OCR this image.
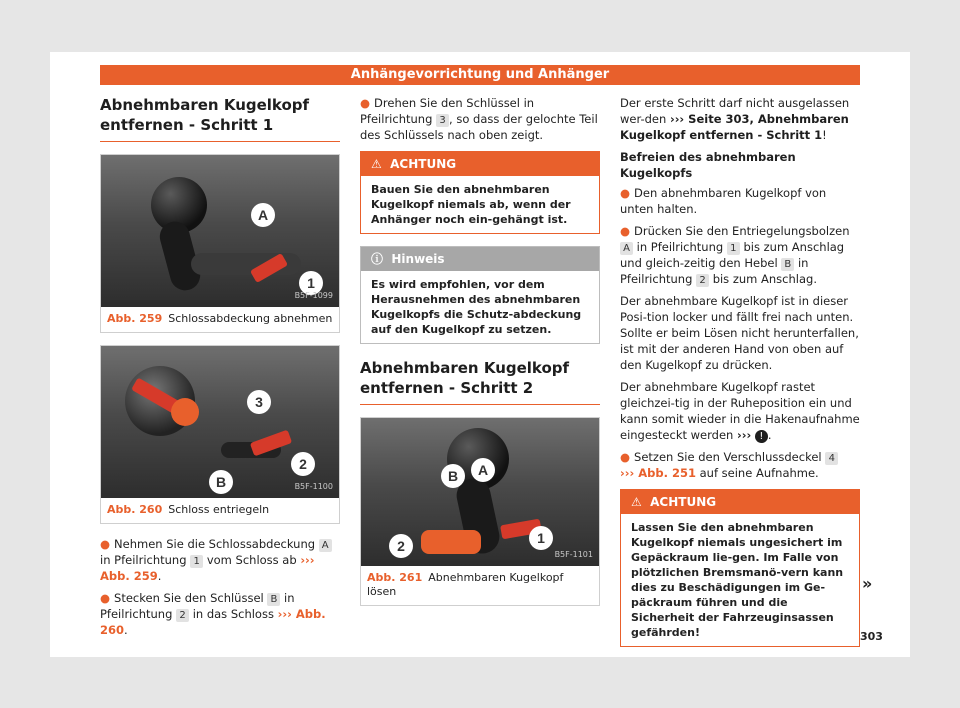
Anhängevorrichtung und Anhänger
Abnehmbaren Kugelkopf entfernen - Schritt 1
A
1
B5F-1099
Abb. 259 Schlossabdeckung abnehmen
3
2
B	B5F-1100
Abb. 260 Schloss entriegeln

● Nehmen Sie die Schlossabdeckung A in Pfeilrichtung 1 vom Schloss ab ››› Abb. 259.

● Stecken Sie den Schlüssel B in Pfeilrichtung 2 in das Schloss ››› Abb. 260.

● Drehen Sie den Schlüssel in Pfeilrichtung 3 , so dass der gelochte Teil des Schlüssels nach oben zeigt.

⚠ ACHTUNG
Bauen Sie den abnehmbaren Kugelkopf niemals ab, wenn der Anhänger noch ein-gehängt ist.
ⓘ Hinweis
Es wird empfohlen, vor dem Herausnehmen des abnehmbaren Kugelkopfs die Schutz-abdeckung auf den Kugelkopf zu setzen.
Abnehmbaren Kugelkopf entfernen - Schritt 2
B	A
2	1
B5F-1101
Abb. 261 Abnehmbaren Kugelkopf lösen

Der erste Schritt darf nicht ausgelassen wer-den ››› Seite 303, Abnehmbaren Kugelkopf entfernen - Schritt 1!

Befreien des abnehmbaren Kugelkopfs

● Den abnehmbaren Kugelkopf von unten halten.

● Drücken Sie den Entriegelungsbolzen A in Pfeilrichtung 1 bis zum Anschlag und gleich-zeitig den Hebel B in Pfeilrichtung 2 bis zum Anschlag.

Der abnehmbare Kugelkopf ist in dieser Posi-tion locker und fällt frei nach unten. Sollte er beim Lösen nicht herunterfallen, ist mit der anderen Hand von oben auf den Kugelkopf zu drücken.

Der abnehmbare Kugelkopf rastet gleichzei-tig in der Ruheposition ein und kann somit wieder in die Hakenaufnahme eingesteckt werden ››› ! .

● Setzen Sie den Verschlussdeckel 4
››› Abb. 251 auf seine Aufnahme.

⚠ ACHTUNG
Lassen Sie den abnehmbaren Kugelkopf niemals ungesichert im Gepäckraum lie-gen. Im Falle von plötzlichen Bremsmanö-vern kann dies zu Beschädigungen im Ge-päckraum führen und die Sicherheit der Fahrzeuginsassen gefährden!
»
303
